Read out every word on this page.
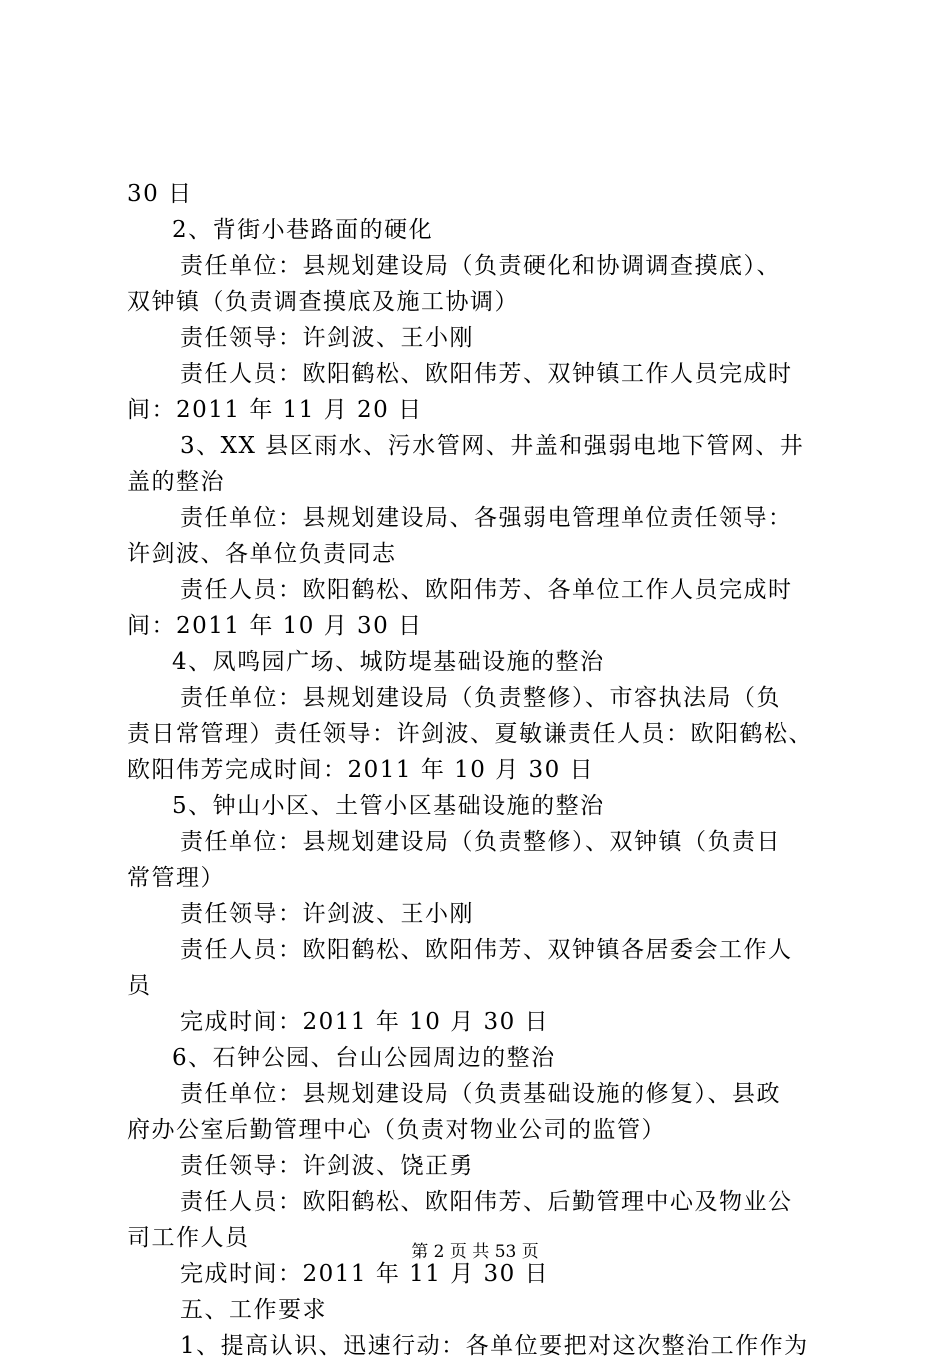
30 日
2、背街小巷路面的硬化
责任单位：县规划建设局（负责硬化和协调调查摸底）、
双钟镇（负责调查摸底及施工协调）
责任领导：许剑波、王小刚
责任人员：欧阳鹤松、欧阳伟芳、双钟镇工作人员完成时
间：2011 年 11 月 20 日
3、XX 县区雨水、污水管网、井盖和强弱电地下管网、井
盖的整治
责任单位：县规划建设局、各强弱电管理单位责任领导：
许剑波、各单位负责同志
责任人员：欧阳鹤松、欧阳伟芳、各单位工作人员完成时
间：2011 年 10 月 30 日
4、凤鸣园广场、城防堤基础设施的整治
责任单位：县规划建设局（负责整修）、市容执法局（负
责日常管理）责任领导：许剑波、夏敏谦责任人员：欧阳鹤松、
欧阳伟芳完成时间：2011 年 10 月 30 日
5、钟山小区、土管小区基础设施的整治
责任单位：县规划建设局（负责整修）、双钟镇（负责日
常管理）
责任领导：许剑波、王小刚
责任人员：欧阳鹤松、欧阳伟芳、双钟镇各居委会工作人
员
完成时间：2011 年 10 月 30 日
6、石钟公园、台山公园周边的整治
责任单位：县规划建设局（负责基础设施的修复）、县政
府办公室后勤管理中心（负责对物业公司的监管）
责任领导：许剑波、饶正勇
责任人员：欧阳鹤松、欧阳伟芳、后勤管理中心及物业公
司工作人员
完成时间：2011 年 11 月 30 日
五、工作要求
1、提高认识、迅速行动：各单位要把对这次整治工作作为
第 2 页 共 53 页
